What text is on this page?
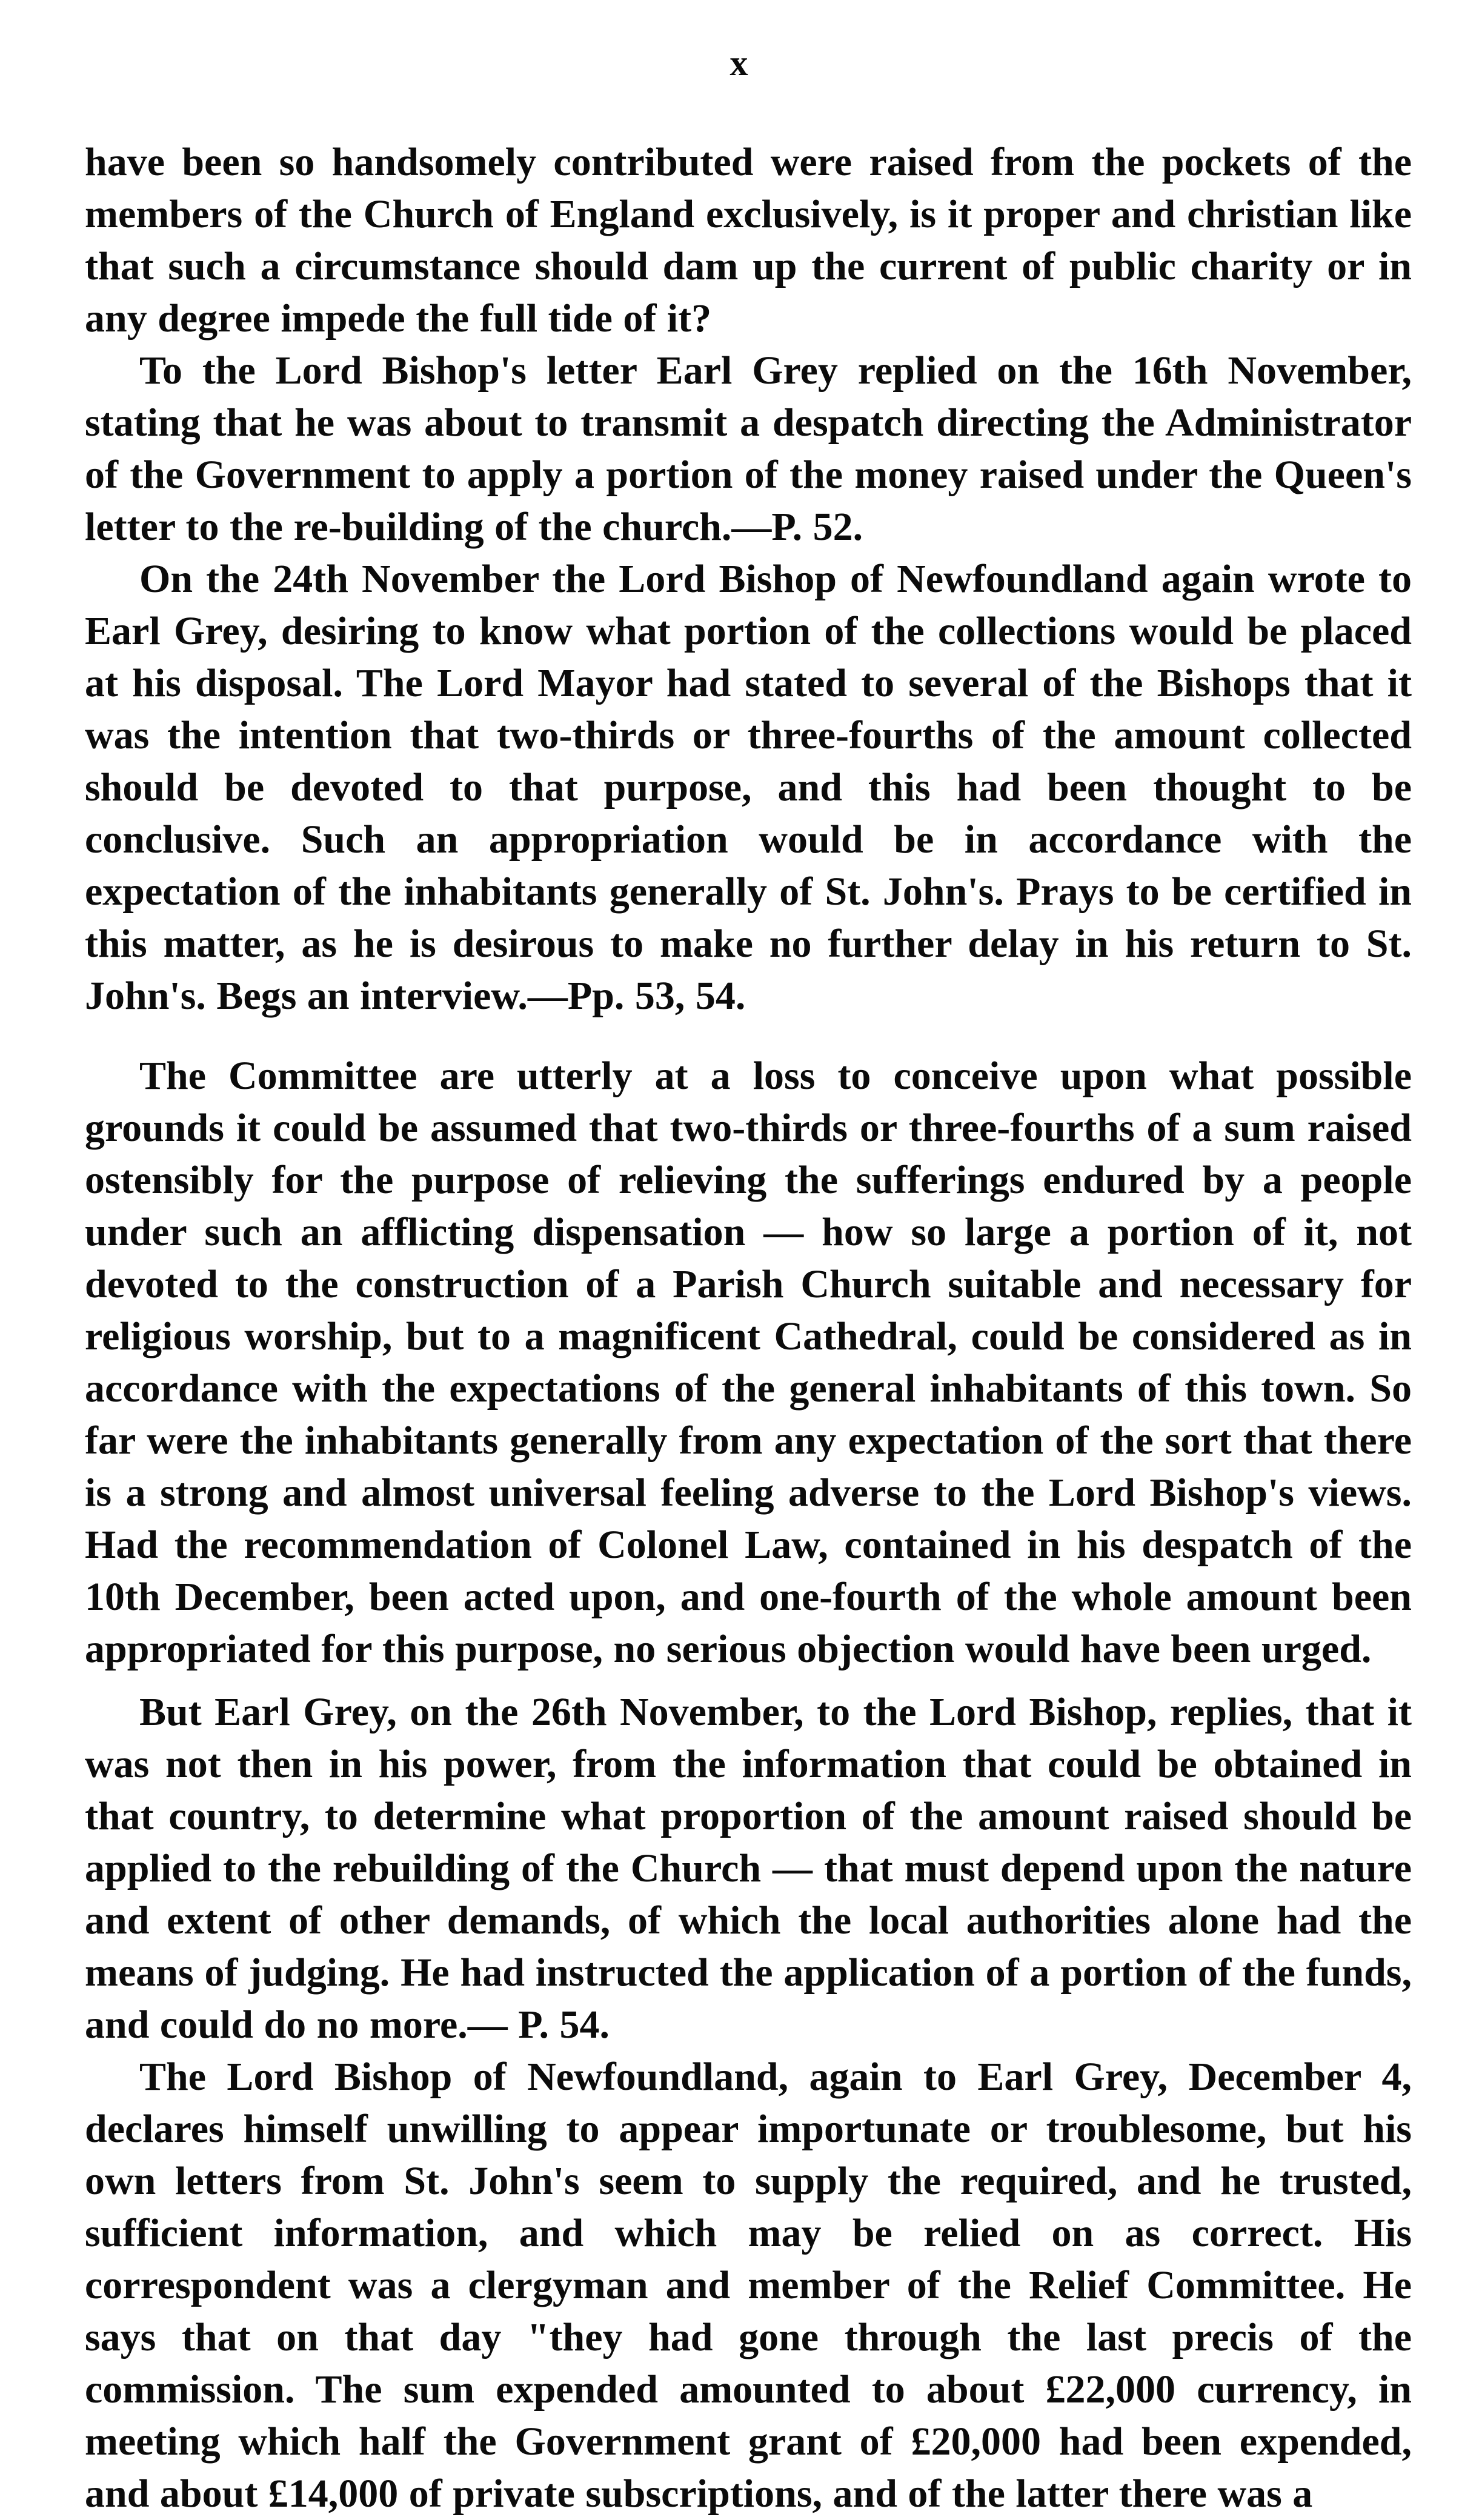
x

have been so handsomely contributed were raised from the pockets of the members of the Church of England exclusively, is it proper and christian like that such a circumstance should dam up the current of public charity or in any degree impede the full tide of it?

To the Lord Bishop's letter Earl Grey replied on the 16th November, stating that he was about to transmit a despatch directing the Administrator of the Government to apply a portion of the money raised under the Queen's letter to the re-building of the church.—P. 52.

On the 24th November the Lord Bishop of Newfoundland again wrote to Earl Grey, desiring to know what portion of the collections would be placed at his disposal. The Lord Mayor had stated to several of the Bishops that it was the intention that two-thirds or three-fourths of the amount collected should be devoted to that purpose, and this had been thought to be conclusive. Such an appropriation would be in accordance with the expectation of the inhabitants generally of St. John's. Prays to be certified in this matter, as he is desirous to make no further delay in his return to St. John's. Begs an interview.—Pp. 53, 54.

The Committee are utterly at a loss to conceive upon what possible grounds it could be assumed that two-thirds or three-fourths of a sum raised ostensibly for the purpose of relieving the sufferings endured by a people under such an afflicting dispensation — how so large a portion of it, not devoted to the construction of a Parish Church suitable and necessary for religious worship, but to a magnificent Cathedral, could be considered as in accordance with the expectations of the general inhabitants of this town. So far were the inhabitants generally from any expectation of the sort that there is a strong and almost universal feeling adverse to the Lord Bishop's views. Had the recommendation of Colonel Law, contained in his despatch of the 10th December, been acted upon, and one-fourth of the whole amount been appropriated for this purpose, no serious objection would have been urged.

But Earl Grey, on the 26th November, to the Lord Bishop, replies, that it was not then in his power, from the information that could be obtained in that country, to determine what proportion of the amount raised should be applied to the rebuilding of the Church — that must depend upon the nature and extent of other demands, of which the local authorities alone had the means of judging. He had instructed the application of a portion of the funds, and could do no more.— P. 54.

The Lord Bishop of Newfoundland, again to Earl Grey, December 4, declares himself unwilling to appear importunate or troublesome, but his own letters from St. John's seem to supply the required, and he trusted, sufficient information, and which may be relied on as correct. His correspondent was a clergyman and member of the Relief Committee. He says that on that day "they had gone through the last precis of the commission. The sum expended amounted to about £22,000 currency, in meeting which half the Government grant of £20,000 had been expended, and about £14,000 of private subscriptions, and of the latter there was a
